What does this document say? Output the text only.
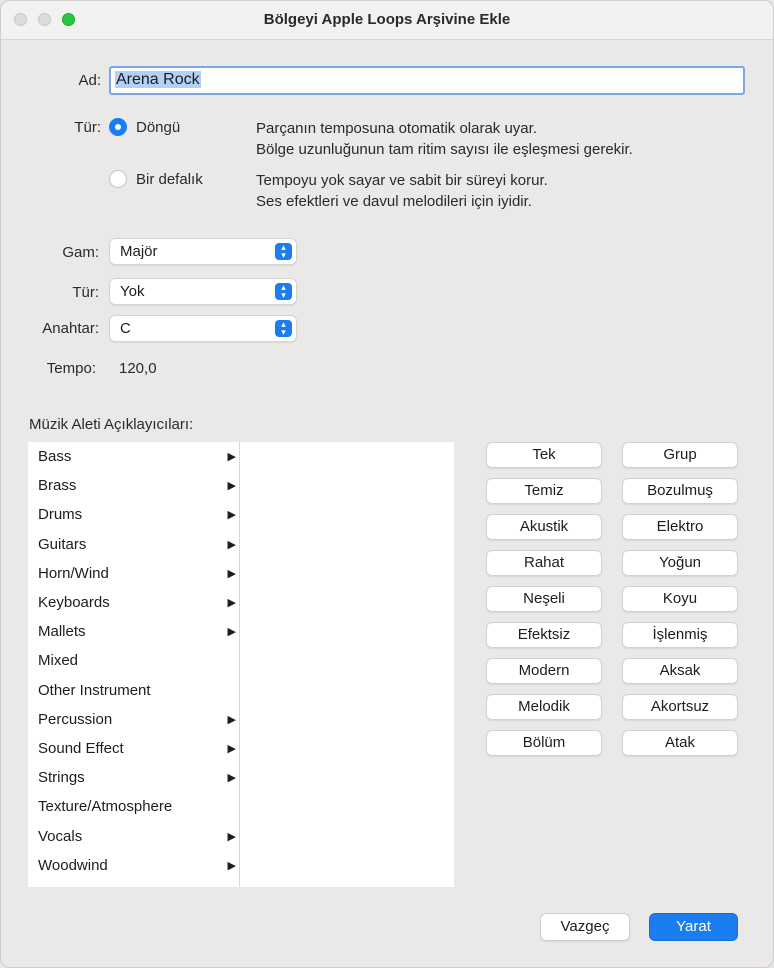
Bölgeyi Apple Loops Arşivine Ekle
Ad: Arena Rock
Tür: Döngü	Parçanın temposuna otomatik olarak uyar.
Bölge uzunluğunun tam ritim sayısı ile eşleşmesi gerekir.
Bir defalık	Tempoyu yok sayar ve sabit bir süreyi korur.
Ses efektleri ve davul melodileri için iyidir.
Gam:	Majör	▴
▾
Tür:	Yok	▴
▾
Anahtar:	C	▴
▾
Tempo: 120,0
Müzik Aleti Açıklayıcıları:
Bass	▶
Brass	▶
Drums	▶
Guitars	▶
Horn/Wind	▶
Keyboards	▶
Mallets	▶
Mixed
Other Instrument
Percussion	▶
Sound Effect	▶
Strings	▶
Texture/Atmosphere
Vocals	▶
Woodwind	▶
Tek	Grup
Temiz	Bozulmuş
Akustik	Elektro
Rahat	Yoğun
Neşeli	Koyu
Efektsiz	İşlenmiş
Modern	Aksak
Melodik	Akortsuz
Bölüm	Atak
Vazgeç	Yarat
